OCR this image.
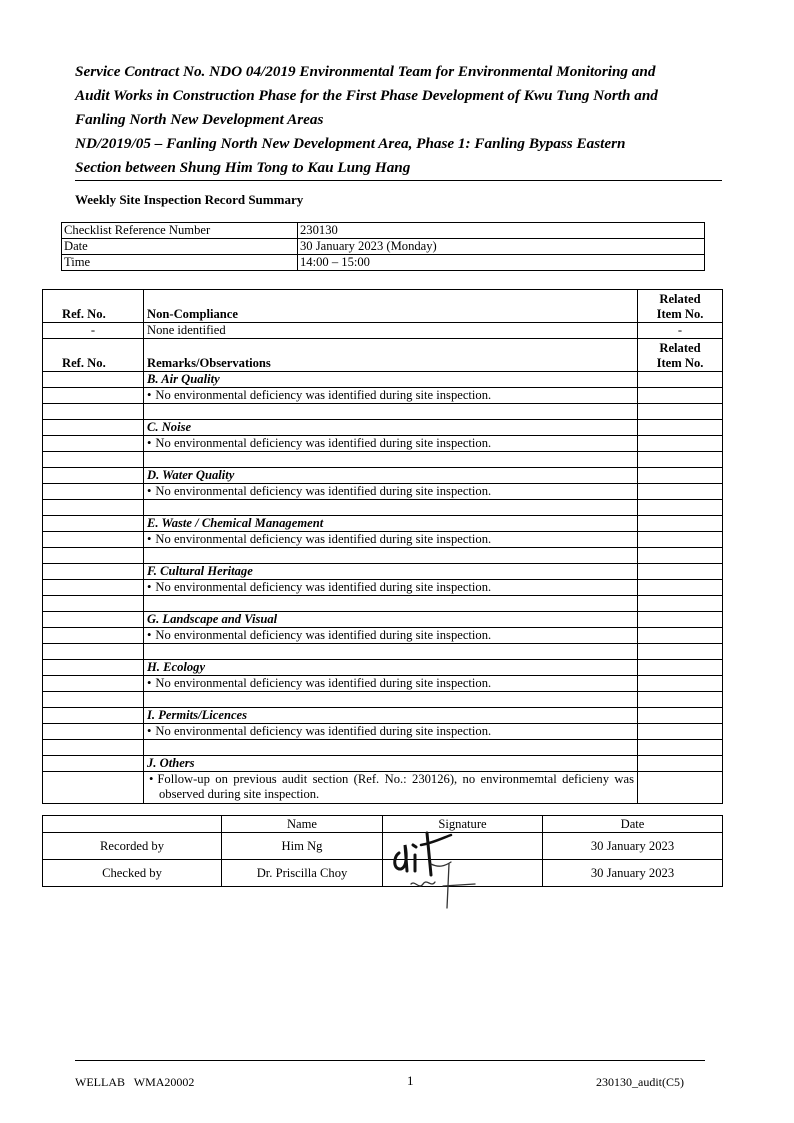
Service Contract No. NDO 04/2019 Environmental Team for Environmental Monitoring and
Audit Works in Construction Phase for the First Phase Development of Kwu Tung North and
Fanling North New Development Areas
ND/2019/05 – Fanling North New Development Area, Phase 1: Fanling Bypass Eastern
Section between Shung Him Tong to Kau Lung Hang
Weekly Site Inspection Record Summary
Checklist Reference Number	230130
Date	30 January 2023 (Monday)
Time	14:00 – 15:00
Ref. No.	Non-Compliance	Related
Item No.
-	None identified	-
Ref. No.	Remarks/Observations	Related
Item No.
	B. Air Quality	
	• No environmental deficiency was identified during site inspection.	

	C. Noise	
	• No environmental deficiency was identified during site inspection.	

	D. Water Quality	
	• No environmental deficiency was identified during site inspection.	

	E. Waste / Chemical Management	
	• No environmental deficiency was identified during site inspection.	

	F. Cultural Heritage	
	• No environmental deficiency was identified during site inspection.	

	G. Landscape and Visual	
	• No environmental deficiency was identified during site inspection.	

	H. Ecology	
	• No environmental deficiency was identified during site inspection.	

	I. Permits/Licences	
	• No environmental deficiency was identified during site inspection.	

	J. Others	
	• Follow-up on previous audit section (Ref. No.: 230126), no environmemtal deficieny was observed during site inspection.	
	Name	Signature	Date
Recorded by	Him Ng		30 January 2023
Checked by	Dr. Priscilla Choy		30 January 2023
WELLAB   WMA20002	1	230130_audit(C5)
